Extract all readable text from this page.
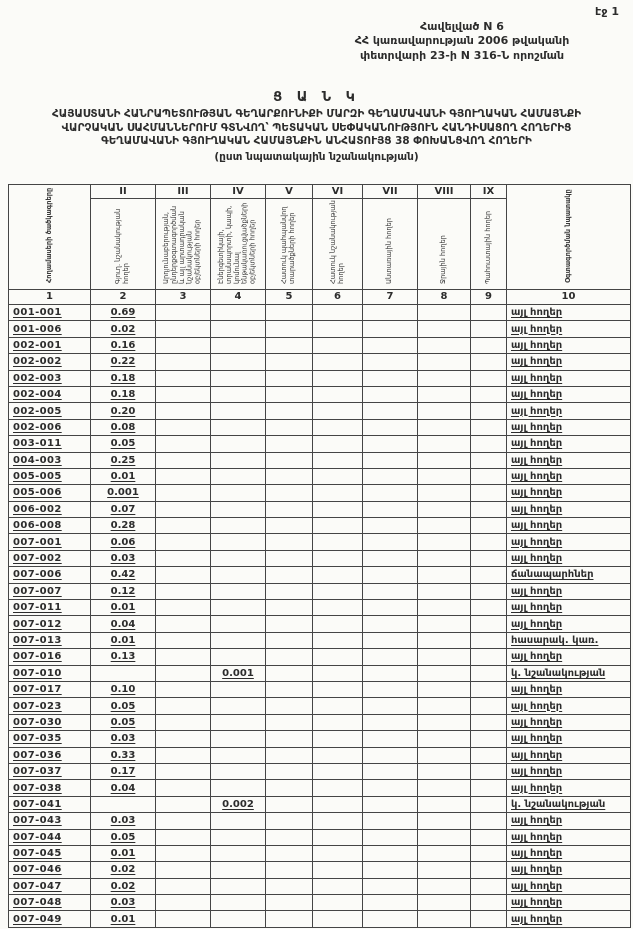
էջ 1
Հավելված N 6
ՀՀ կառավարության 2006 թվականի
փետրվարի 23-ի N 316-Ն որոշման
Ց Ա Ն Կ
ՀԱՅԱՍՏԱՆԻ ՀԱՆՐԱՊԵՏՈՒԹՅԱՆ ԳԵՂԱՐՔՈՒՆԻՔԻ ՄԱՐԶԻ ԳԵՂԱՄԱՎԱՆԻ ԳՅՈՒՂԱԿԱՆ ՀԱՄԱՅՆՔԻ
ՎԱՐՉԱԿԱՆ ՍԱՀՄԱՆՆԵՐՈՒՄ ԳՏՆՎՈՂ՝ ՊԵՏԱԿԱՆ ՍԵՓԱԿԱՆՈՒԹՅՈՒՆ ՀԱՆԴԻՍԱՑՈՂ ՀՈՂԵՐԻՑ
ԳԵՂԱՄԱՎԱՆԻ ԳՅՈՒՂԱԿԱՆ ՀԱՄԱՅՆՔԻՆ ԱՆՀԱՏՈՒՅՑ 38 ՓՈԽԱՆՑՎՈՂ ՀՈՂԵՐԻ
(ըստ նպատակային նշանակության)
Հողամասերի ծածկագրերը	II	III	IV	V	VI	VII	VIII	IX	Օգտագործման նպատակը
	Գյուղ. նշանակության հողեր	Արդյունաբերության, ընդերքօգտագործման և այլ արտադրական նշանակության օբյեկտների հողեր	Էներգետիկայի, տրանսպորտի, կապի, կոմունալ ենթակառուցվածքների օբյեկտների հողեր	Հատուկ պահպանվող տարածքների հողեր	Հատուկ նշանակության հողեր	Անտառային հողեր	Ջրային հողեր	Պահուստային հողեր	
1	2	3	4	5	6	7	8	9	10
001-001	0.69								այլ հողեր
001-006	0.02								այլ հողեր
002-001	0.16								այլ հողեր
002-002	0.22								այլ հողեր
002-003	0.18								այլ հողեր
002-004	0.18								այլ հողեր
002-005	0.20								այլ հողեր
002-006	0.08								այլ հողեր
003-011	0.05								այլ հողեր
004-003	0.25								այլ հողեր
005-005	0.01								այլ հողեր
005-006	0.001								այլ հողեր
006-002	0.07								այլ հողեր
006-008	0.28								այլ հողեր
007-001	0.06								այլ հողեր
007-002	0.03								այլ հողեր
007-006	0.42								ճանապարհներ
007-007	0.12								այլ հողեր
007-011	0.01								այլ հողեր
007-012	0.04								այլ հողեր
007-013	0.01								հասարակ. կառ.
007-016	0.13								այլ հողեր
007-010			0.001						կ. նշանակության
007-017	0.10								այլ հողեր
007-023	0.05								այլ հողեր
007-030	0.05								այլ հողեր
007-035	0.03								այլ հողեր
007-036	0.33								այլ հողեր
007-037	0.17								այլ հողեր
007-038	0.04								այլ հողեր
007-041			0.002						կ. նշանակության
007-043	0.03								այլ հողեր
007-044	0.05								այլ հողեր
007-045	0.01								այլ հողեր
007-046	0.02								այլ հողեր
007-047	0.02								այլ հողեր
007-048	0.03								այլ հողեր
007-049	0.01								այլ հողեր
